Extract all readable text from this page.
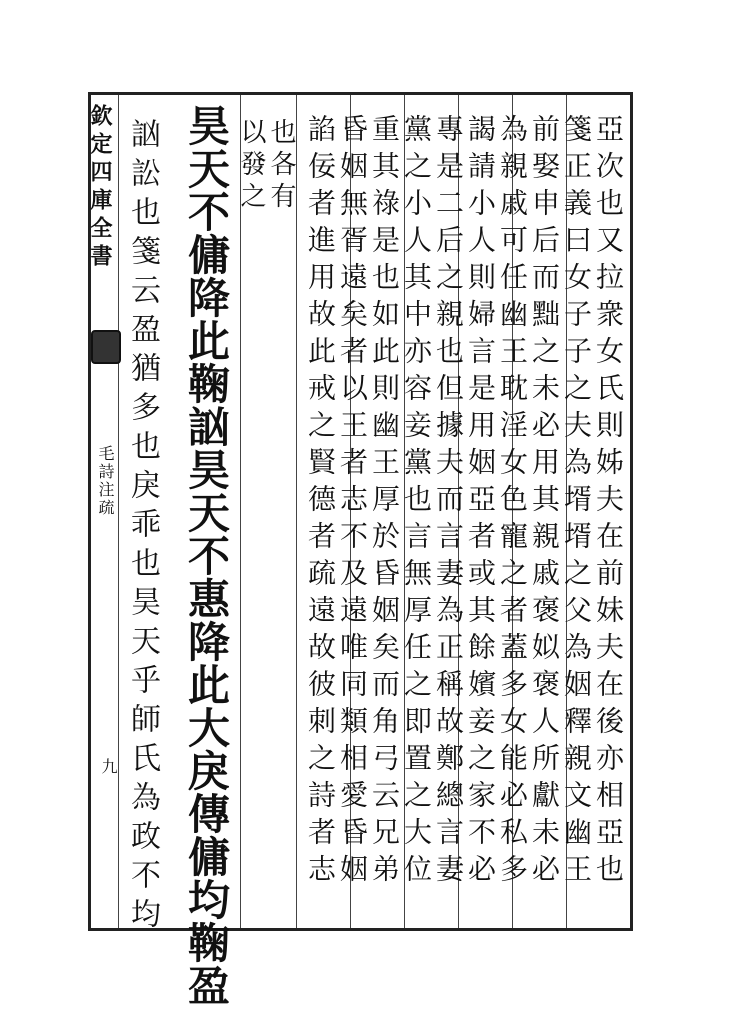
欽定四庫全書
毛詩注疏
九	亞次也又拉衆女氏則姊夫在前妹夫在後亦相亞也
箋正義曰女子子之夫為壻壻之父為姻釋親文幽王
前娶申后而黜之未必用其親戚褒姒褒人所獻未必
為親戚可任幽王耽淫女色寵之者蓋多女能必私多
謁請小人則婦言是用姻亞者或其餘嬪妾之家不必
專是二后之親也但據夫而言妻為正稱故鄭總言妻
黨之小人其中亦容妾黨也言無厚任之即置之大位
重其祿是也如此則幽王厚於昏姻矣而角弓云兄弟
昏姻無胥遠矣者以王者志不及遠唯同類相愛昏姻
諂佞者進用故此戒之賢德者疏遠故彼刺之詩者志
也各有
以發之
昊天不傭降此鞠訩昊天不惠降此大戾傳傭均鞠盈
訩訟也箋云盈猶多也戾乖也昊天乎師氏為政不均
